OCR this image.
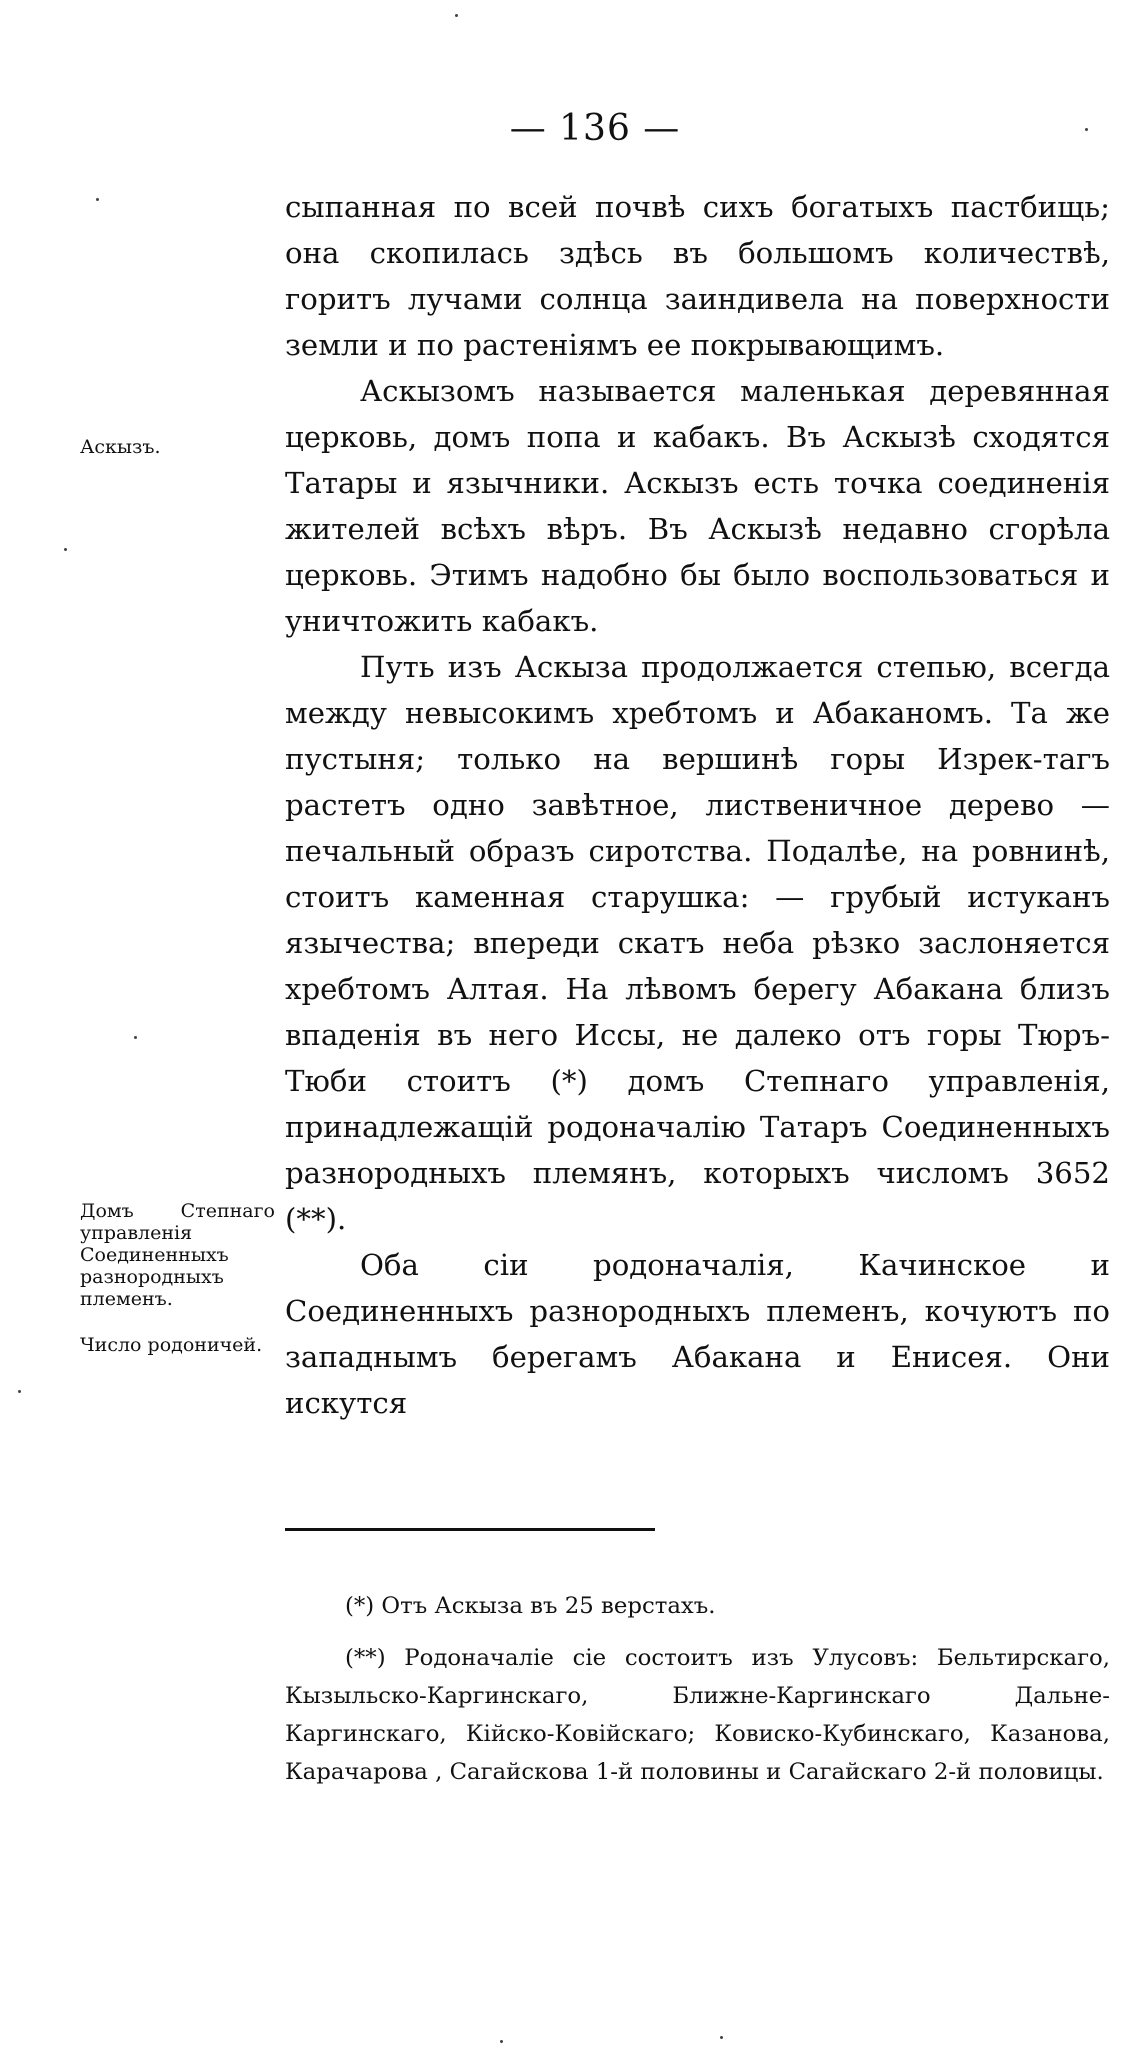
— 136 —

сыпанная по всей почвѣ сихъ богатыхъ пастбищь; она скопилась здѣсь въ большомъ количествѣ, горитъ лучами солнца заиндивела на поверхности земли и по растеніямъ ее покрывающимъ.

Аскызомъ называется маленькая деревянная церковь, домъ попа и кабакъ. Въ Аскызѣ сходятся Татары и язычники. Аскызъ есть точка соединенія жителей всѣхъ вѣръ. Въ Аскызѣ недавно сгорѣла церковь. Этимъ надобно бы было воспользоваться и уничтожить кабакъ.

Путь изъ Аскыза продолжается степью, всегда между невысокимъ хребтомъ и Абаканомъ. Та же пустыня; только на вершинѣ горы Изрек-тагъ растетъ одно завѣтное, лиственичное дерево — печальный образъ сиротства. Подалѣе, на ровнинѣ, стоитъ каменная старушка: — грубый истуканъ язычества; впереди скатъ неба рѣзко заслоняется хребтомъ Алтая. На лѣвомъ берегу Абакана близъ впаденія въ него Иссы, не далеко отъ горы Тюръ-Тюби стоитъ (*) домъ Степнаго управленія, принадлежащій родоначалію Татаръ Соединенныхъ разнородныхъ племянъ, которыхъ числомъ 3652 (**).

Оба сіи родоначалія, Качинское и Соединенныхъ разнородныхъ племенъ, кочуютъ по западнымъ берегамъ Абакана и Енисея. Они искутся

Аскызъ.
Домъ Степнаго управленія Соединенныхъ разнородныхъ племенъ.
Число родоничей.

(*) Отъ Аскыза въ 25 верстахъ.

(**) Родоначаліе сіе состоитъ изъ Улусовъ: Бельтирскаго, Кызыльско-Каргинскаго, Ближне-Каргинскаго Дальне-Каргинскаго, Кійско-Ковійскаго; Ковиско-Кубинскаго, Казанова, Карачарова , Сагайскова 1-й половины и Сагайскаго 2-й половицы.
